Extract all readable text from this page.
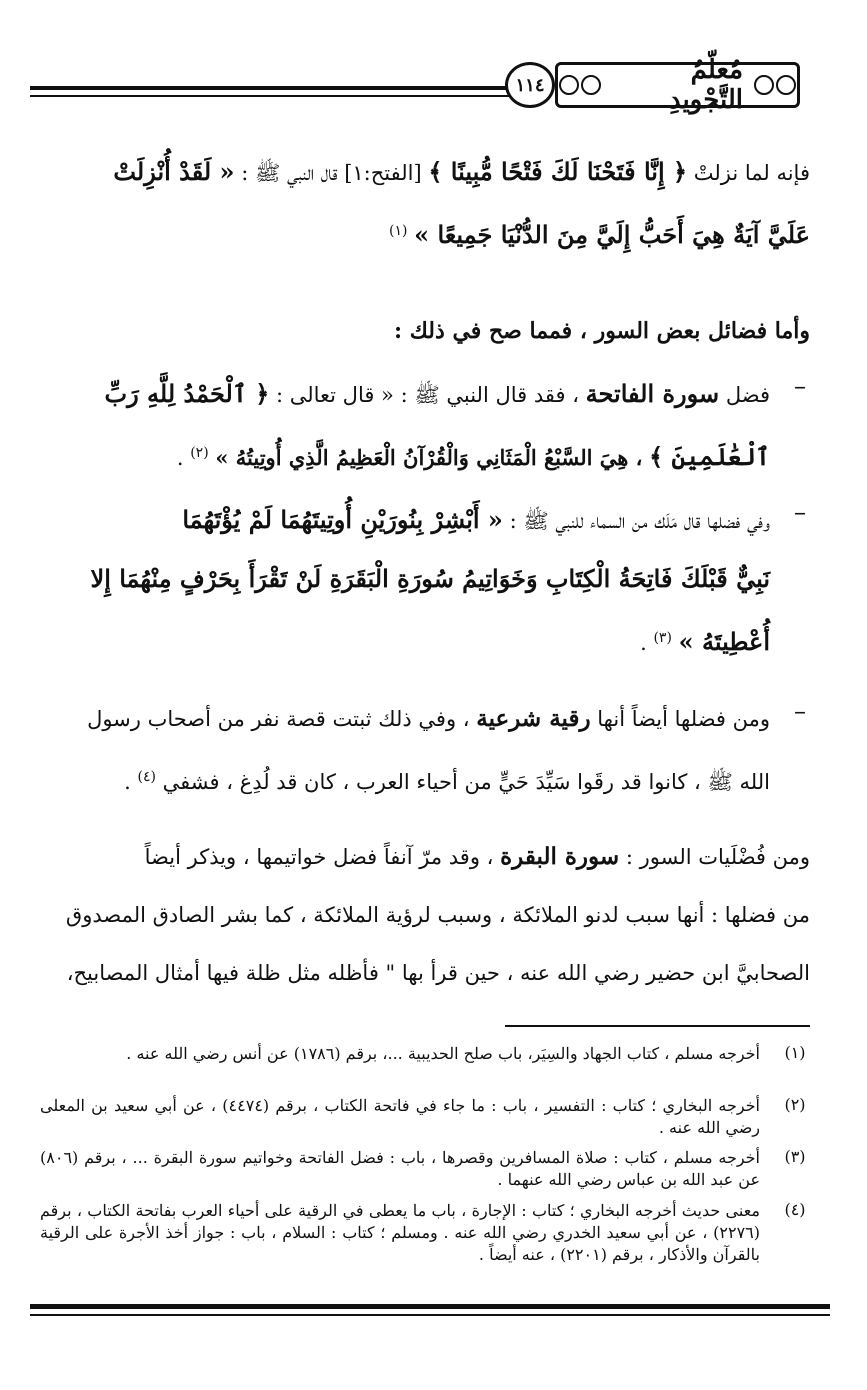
١١٤	مُعلّمُ التَّجْويدِ
فإنه لما نزلتْ ﴿ إِنَّا فَتَحْنَا لَكَ فَتْحًا مُّبِينًا ﴾ [الفتح:١] قال النبي ﷺ : « لَقَدْ أُنْزِلَتْ
عَلَيَّ آيَةٌ هِيَ أَحَبُّ إِلَيَّ مِنَ الدُّنْيَا جَمِيعًا » $^{(١)}$
وأما فضائل بعض السور ، فمما صح في ذلك :
–
فضل سورة الفاتحة ، فقد قال النبي ﷺ : « قال تعالى : ﴿ ٱلْحَمْدُ لِلَّهِ رَبِّ
ٱلْعَٰلَمِينَ ﴾ ، هِيَ السَّبْعُ الْمَثَانِي وَالْقُرْآنُ الْعَظِيمُ الَّذِي أُوتِيتُهُ » $^{(٢)}$ .
–
وفي فضلها قال مَلَك من السماء للنبي ﷺ : « أَبْشِرْ بِنُورَيْنِ أُوتِيتَهُمَا لَمْ يُؤْتَهُمَا
نَبِيٌّ قَبْلَكَ فَاتِحَةُ الْكِتَابِ وَخَوَاتِيمُ سُورَةِ الْبَقَرَةِ لَنْ تَقْرَأَ بِحَرْفٍ مِنْهُمَا إِلا
أُعْطِيتَهُ » $^{(٣)}$ .
–
ومن فضلها أيضاً أنها رقية شرعية ، وفي ذلك ثبتت قصة نفر من أصحاب رسول
الله ﷺ ، كانوا قد رقَوا سَيِّدَ حَيٍّ من أحياء العرب ، كان قد لُدِغ ، فشفي $^{(٤)}$ .
ومن فُضْلَيات السور : سورة البقرة ، وقد مرّ آنفاً فضل خواتيمها ، ويذكر أيضاً
من فضلها : أنها سبب لدنو الملائكة ، وسبب لرؤية الملائكة ، كما بشر الصادق المصدوق
الصحابيَّ ابن حضير رضي الله عنه ، حين قرأ بها " فأظله مثل ظلة فيها أمثال المصابيح،
(١)
أخرجه مسلم ، كتاب الجهاد والسِيَر، باب صلح الحديبية ...، برقم (١٧٨٦) عن أنس رضي الله عنه .
(٢)
أخرجه البخاري ؛ كتاب : التفسير ، باب : ما جاء في فاتحة الكتاب ، برقم (٤٤٧٤) ، عن أبي سعيد بن المعلى رضي الله عنه .
(٣)
أخرجه مسلم ، كتاب : صلاة المسافرين وقصرها ، باب : فضل الفاتحة وخواتيم سورة البقرة ... ، برقم (٨٠٦) عن عبد الله بن عباس رضي الله عنهما .
(٤)
معنى حديث أخرجه البخاري ؛ كتاب : الإجارة ، باب ما يعطى في الرقية على أحياء العرب بفاتحة الكتاب ، برقم (٢٢٧٦) ، عن أبي سعيد الخدري رضي الله عنه . ومسلم ؛ كتاب : السلام ، باب : جواز أخذ الأجرة على الرقية بالقرآن والأذكار ، برقم (٢٢٠١) ، عنه أيضاً .
